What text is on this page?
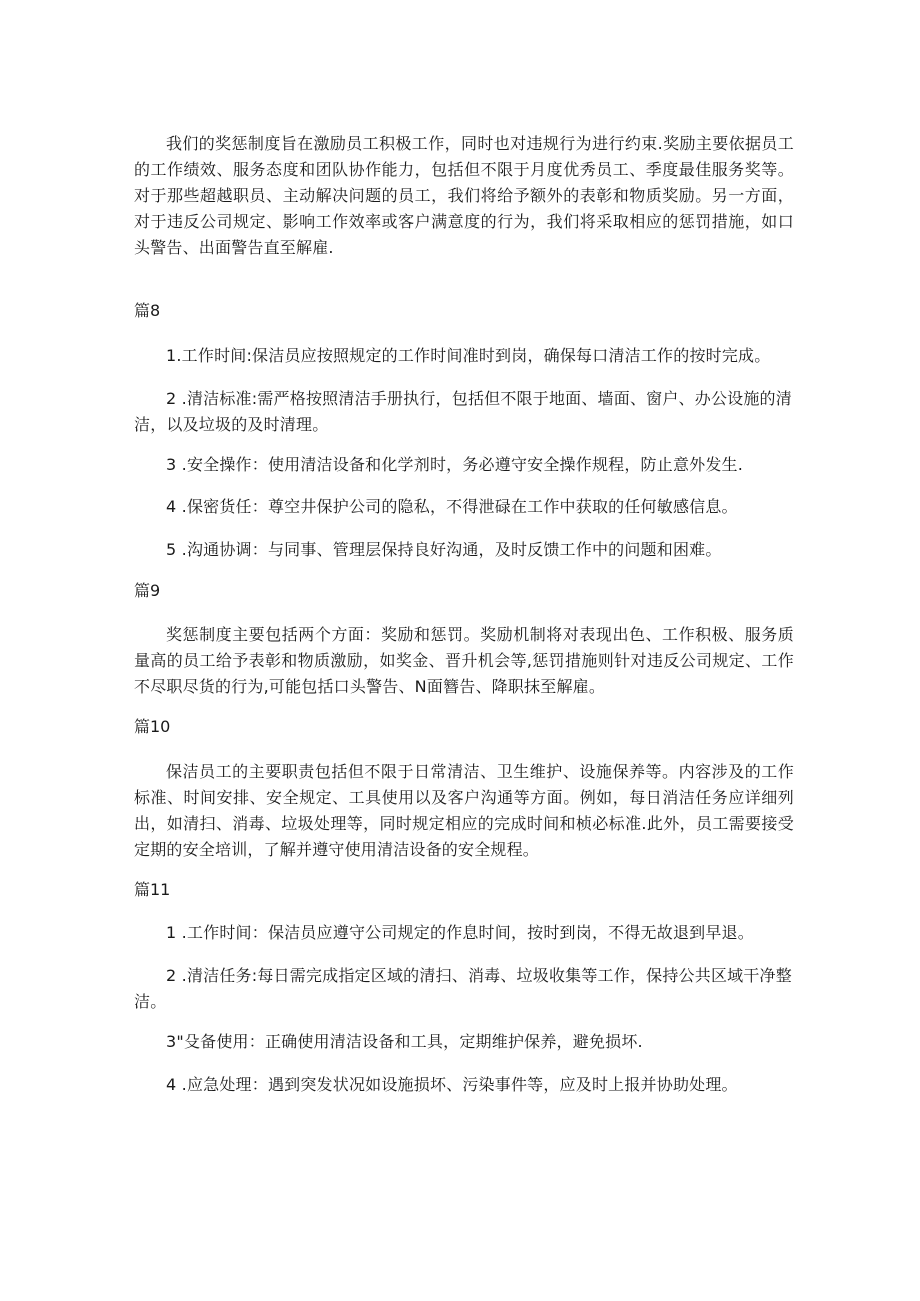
我们的奖惩制度旨在激励员工积极工作，同时也对违规行为进行约束.奖励主要依据员工的工作绩效、服务态度和团队协作能力，包括但不限于月度优秀员工、季度最佳服务奖等。对于那些超越职员、主动解决问题的员工，我们将给予额外的表彰和物质奖励。另一方面，对于违反公司规定、影响工作效率或客户满意度的行为，我们将采取相应的惩罚措施，如口头警告、出面警告直至解雇.

篇8

1.工作时间:保洁员应按照规定的工作时间准时到岗，确保每口清洁工作的按时完成。

2 .清洁标准:需严格按照清洁手册执行，包括但不限于地面、墙面、窗户、办公设施的清洁，以及垃圾的及时清理。

3 .安全操作：使用清洁设备和化学剂时，务必遵守安全操作规程，防止意外发生.

4 .保密货任：尊空井保护公司的隐私，不得泄碌在工作中获取的任何敏感信息。

5 .沟通协调：与同事、管理层保持良好沟通，及时反馈工作中的问题和困难。

篇9

奖惩制度主要包括两个方面：奖励和惩罚。奖励机制将对表现出色、工作积极、服务质量高的员工给予表彰和物质激励，如奖金、晋升机会等,惩罚措施则针对违反公司规定、工作不尽职尽货的行为,可能包括口头警告、N面簪告、降职抹至解雇。

篇10

保洁员工的主要职责包括但不限于日常清洁、卫生维护、设施保养等。内容涉及的工作标准、时间安排、安全规定、工具使用以及客户沟通等方面。例如，每日消洁任务应详细列出，如清扫、消毒、垃圾处理等，同时规定相应的完成时间和桢必标准.此外，员工需要接受定期的安全培训，了解并遵守使用清洁设备的安全规程。

篇11

1 .工作时间：保洁员应遵守公司规定的作息时间，按时到岗，不得无故退到早退。

2 .清洁任务:每日需完成指定区域的清扫、消毒、垃圾收集等工作，保持公共区域干净整洁。

3"殳备使用：正确使用清洁设备和工具，定期维护保养，避免损坏.

4 .应急处理：遇到突发状况如设施损坏、污染事件等，应及时上报并协助处理。
